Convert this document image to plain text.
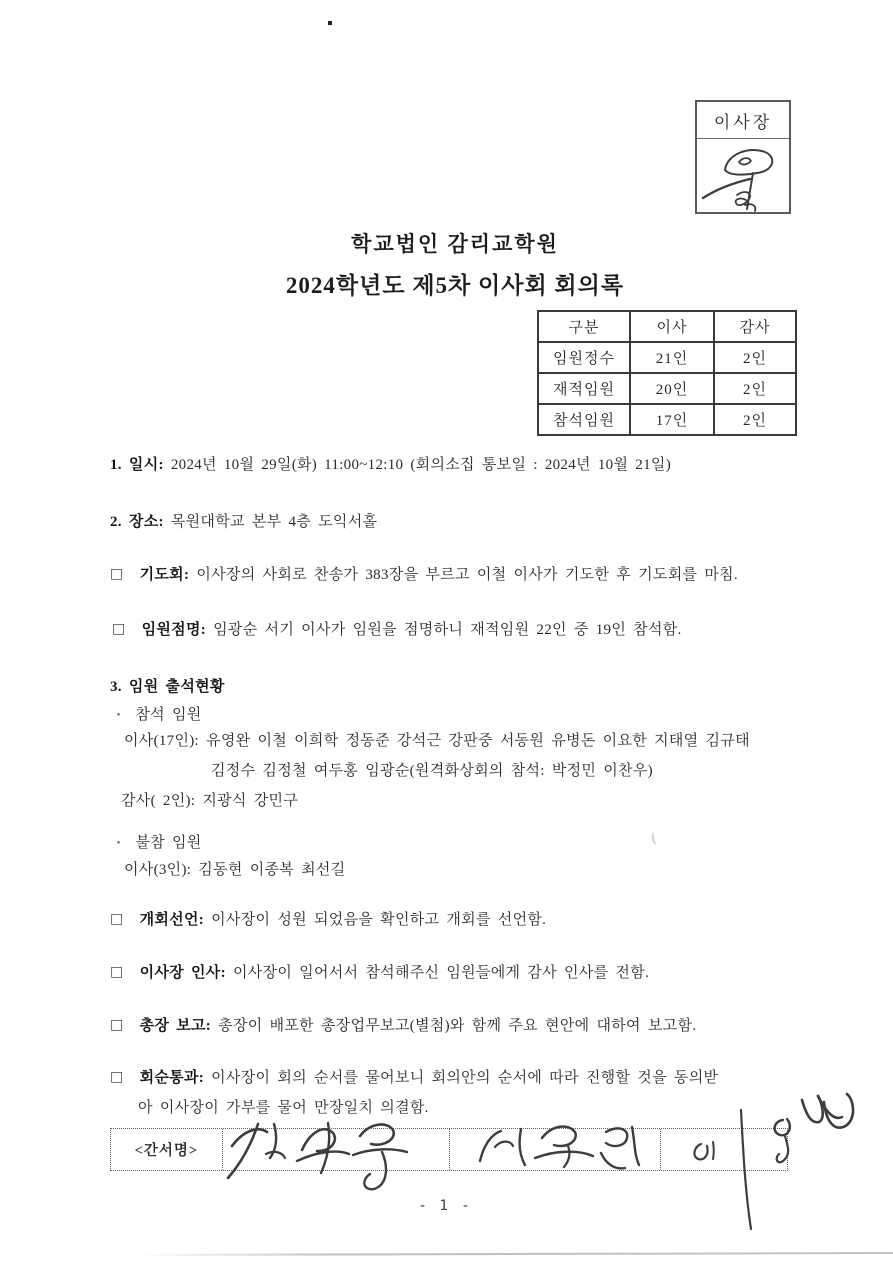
이사장
학교법인 감리교학원
2024학년도 제5차 이사회 회의록
구분	이사	감사
임원정수	21인	2인
재적임원	20인	2인
참석임원	17인	2인
1. 일시: 2024년 10월 29일(화) 11:00~12:10 (회의소집 통보일 : 2024년 10월 21일)
2. 장소: 목원대학교 본부 4층 도익서홀
□ 기도회: 이사장의 사회로 찬송가 383장을 부르고 이철 이사가 기도한 후 기도회를 마침.
□ 임원점명: 임광순 서기 이사가 임원을 점명하니 재적임원 22인 중 19인 참석함.
3. 임원 출석현황
· 참석 임원
이사(17인): 유영완 이철 이희학 정동준 강석근 강판중 서동원 유병돈 이요한 지태열 김규태
김정수 김정철 여두홍 임광순(원격화상회의 참석: 박정민 이찬우)
감사( 2인): 지광식 강민구
· 불참 임원
이사(3인): 김동현 이종복 최선길
□ 개회선언: 이사장이 성원 되었음을 확인하고 개회를 선언함.
□ 이사장 인사: 이사장이 일어서서 참석해주신 임원들에게 감사 인사를 전함.
□ 총장 보고: 총장이 배포한 총장업무보고(별첨)와 함께 주요 현안에 대하여 보고함.
□ 회순통과: 이사장이 회의 순서를 물어보니 회의안의 순서에 따라 진행할 것을 동의받
아 이사장이 가부를 물어 만장일치 의결함.
<간서명>
- 1 -
